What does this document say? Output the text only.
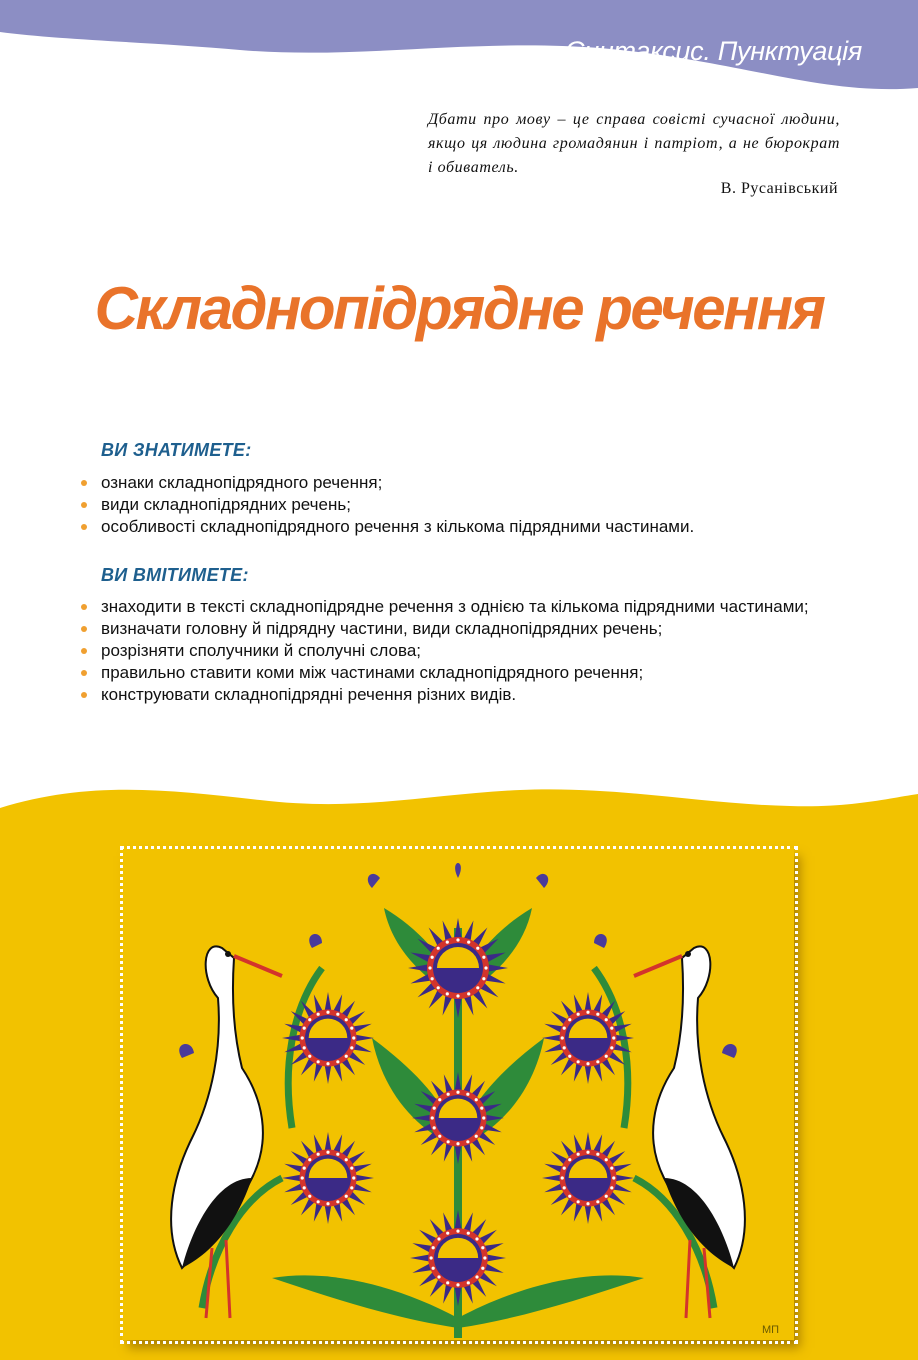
Синтаксис. Пунктуація
Дбати про мову – це справа совісті сучасної людини, якщо ця людина громадянин і патріот, а не бюрократ і обиватель.
В. Русанівський
Складнопідрядне речення
ВИ ЗНАТИМЕТЕ:
ознаки складнопідрядного речення;
види складнопідрядних речень;
особливості складнопідрядного речення з кількома підрядними частинами.
ВИ ВМІТИМЕТЕ:
знаходити в тексті складнопідрядне речення з однією та кількома підрядними частинами;
визначати головну й підрядну частини, види складнопідрядних речень;
розрізняти сполучники й сполучні слова;
правильно ставити коми між частинами складнопідрядного речення;
конструювати складнопідрядні речення різних видів.
МП
